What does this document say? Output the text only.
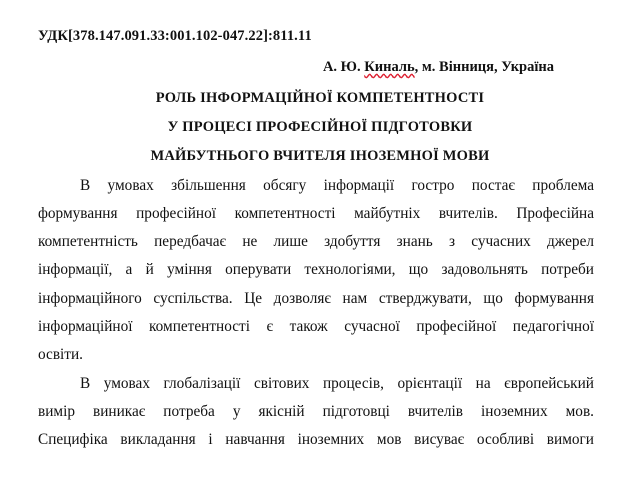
УДК[378.147.091.33:001.102-047.22]:811.11
А. Ю. Киналь, м. Вінниця, Україна
РОЛЬ ІНФОРМАЦІЙНОЇ КОМПЕТЕНТНОСТІ
У ПРОЦЕСІ ПРОФЕСІЙНОЇ ПІДГОТОВКИ
МАЙБУТНЬОГО ВЧИТЕЛЯ ІНОЗЕМНОЇ МОВИ
В умовах збільшення обсягу інформації гостро постає проблема
формування професійної компетентності майбутніх вчителів. Професійна
компетентність передбачає не лише здобуття знань з сучасних джерел
інформації, а й уміння оперувати технологіями, що задовольнять потреби
інформаційного суспільства. Це дозволяє нам стверджувати, що формування
інформаційної компетентності є також сучасної професійної педагогічної
освіти.
В умовах глобалізації світових процесів, орієнтації на європейський
вимір виникає потреба у якісній підготовці вчителів іноземних мов.
Специфіка викладання і навчання іноземних мов висуває особливі вимоги
